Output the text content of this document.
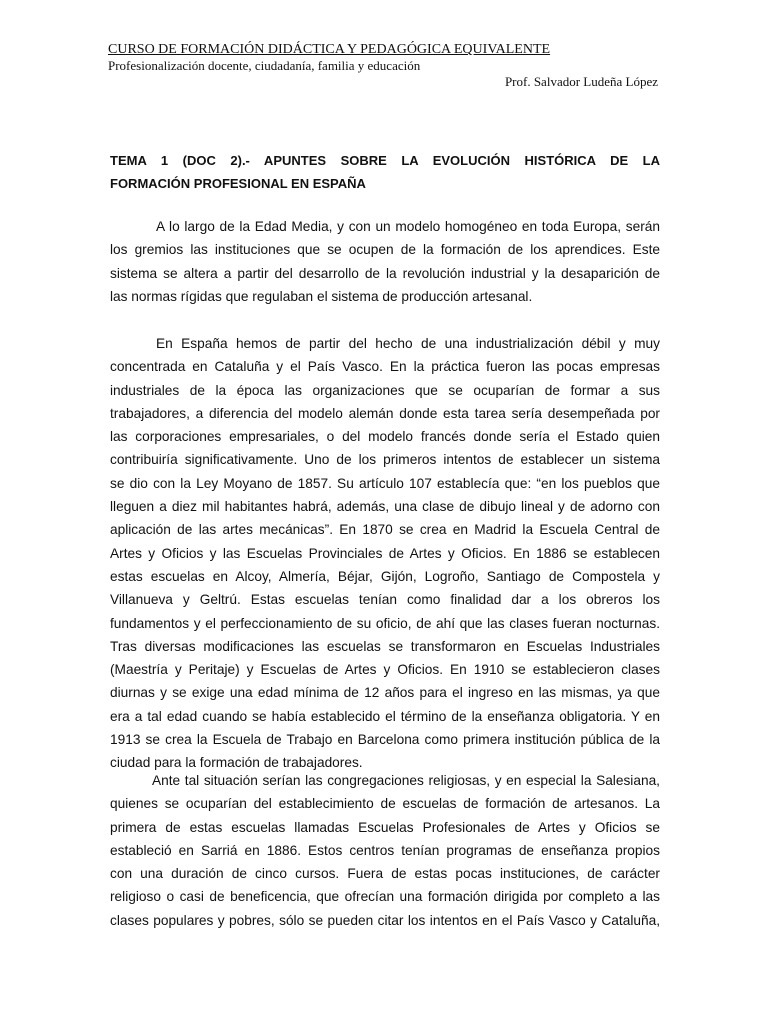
CURSO DE FORMACIÓN DIDÁCTICA Y PEDAGÓGICA EQUIVALENTE
Profesionalización docente, ciudadanía, familia y educación
Prof. Salvador Ludeña López
TEMA 1 (DOC 2).- APUNTES SOBRE LA EVOLUCIÓN HISTÓRICA DE LA
FORMACIÓN PROFESIONAL EN ESPAÑA
A lo largo de la Edad Media, y con un modelo homogéneo en toda Europa, serán
los gremios las instituciones que se ocupen de la formación de los aprendices. Este
sistema se altera a partir del desarrollo de la revolución industrial y la desaparición de
las normas rígidas que regulaban el sistema de producción artesanal.
En España hemos de partir del hecho de una industrialización débil y muy
concentrada en Cataluña y el País Vasco. En la práctica fueron las pocas empresas
industriales de la época las organizaciones que se ocuparían de formar a sus
trabajadores, a diferencia del modelo alemán donde esta tarea sería desempeñada por
las corporaciones empresariales, o del modelo francés donde sería el Estado quien
contribuiría significativamente. Uno de los primeros intentos de establecer un sistema
se dio con la Ley Moyano de 1857. Su artículo 107 establecía que: “en los pueblos que
lleguen a diez mil habitantes habrá, además, una clase de dibujo lineal y de adorno con
aplicación de las artes mecánicas”. En 1870 se crea en Madrid la Escuela Central de
Artes y Oficios y las Escuelas Provinciales de Artes y Oficios. En 1886 se establecen
estas escuelas en Alcoy, Almería, Béjar, Gijón, Logroño, Santiago de Compostela y
Villanueva y Geltrú. Estas escuelas tenían como finalidad dar a los obreros los
fundamentos y el perfeccionamiento de su oficio, de ahí que las clases fueran nocturnas.
Tras diversas modificaciones las escuelas se transformaron en Escuelas Industriales
(Maestría y Peritaje) y Escuelas de Artes y Oficios. En 1910 se establecieron clases
diurnas y se exige una edad mínima de 12 años para el ingreso en las mismas, ya que
era a tal edad cuando se había establecido el término de la enseñanza obligatoria. Y en
1913 se crea la Escuela de Trabajo en Barcelona como primera institución pública de la
ciudad para la formación de trabajadores.
Ante tal situación serían las congregaciones religiosas, y en especial la Salesiana,
quienes se ocuparían del establecimiento de escuelas de formación de artesanos. La
primera de estas escuelas llamadas Escuelas Profesionales de Artes y Oficios se
estableció en Sarriá en 1886. Estos centros tenían programas de enseñanza propios
con una duración de cinco cursos. Fuera de estas pocas instituciones, de carácter
religioso o casi de beneficencia, que ofrecían una formación dirigida por completo a las
clases populares y pobres, sólo se pueden citar los intentos en el País Vasco y Cataluña,
